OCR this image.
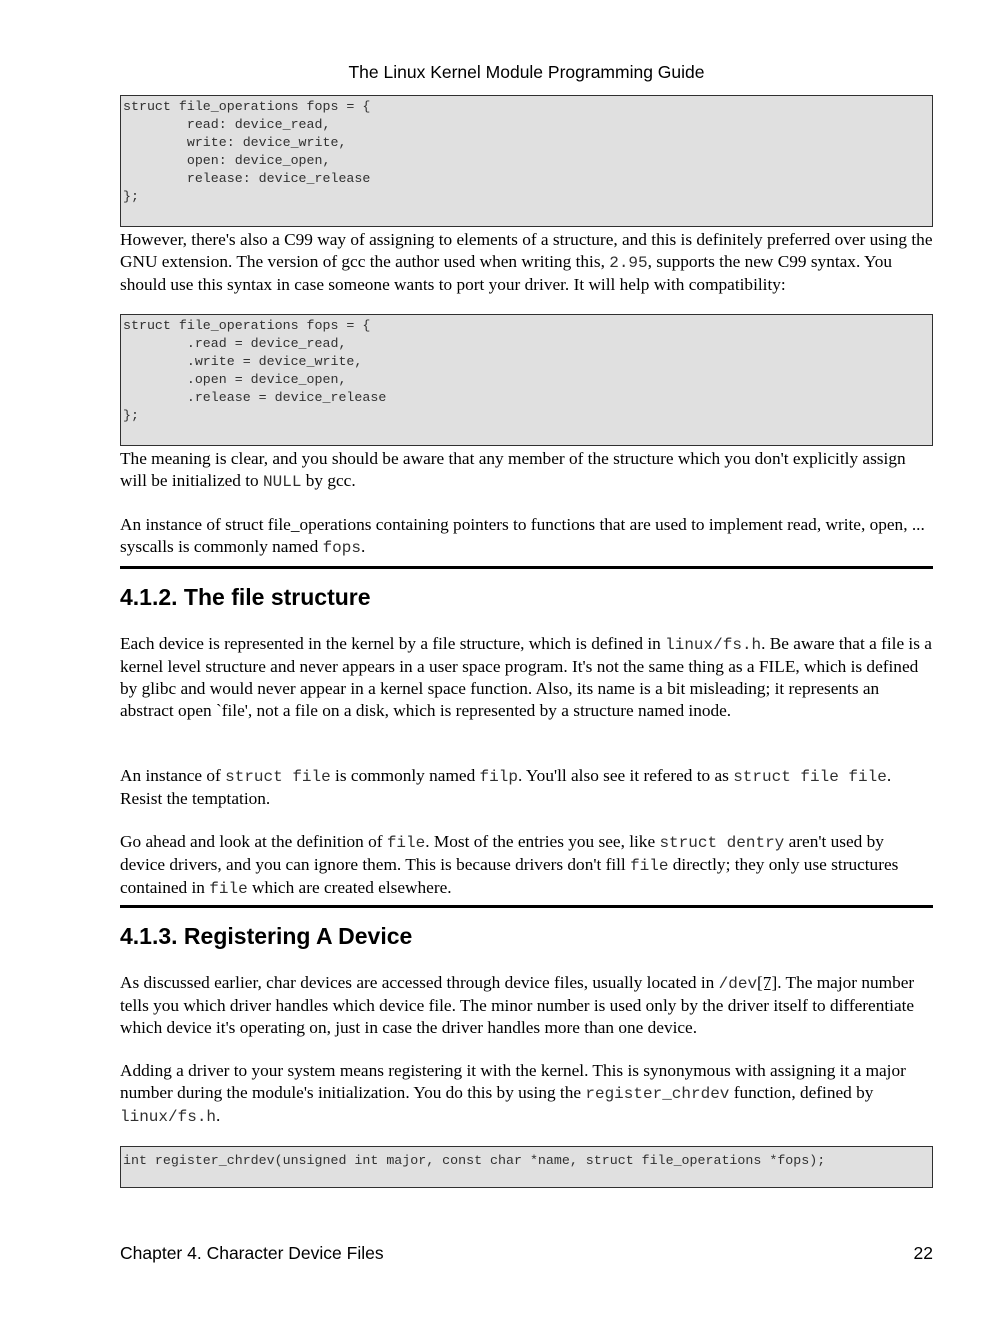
The Linux Kernel Module Programming Guide
struct file_operations fops = {
read: device_read,
write: device_write,
open: device_open,
release: device_release
};
However, there's also a C99 way of assigning to elements of a structure, and this is definitely preferred over using the GNU extension. The version of gcc the author used when writing this, 2.95, supports the new C99 syntax. You should use this syntax in case someone wants to port your driver. It will help with compatibility:
struct file_operations fops = {
.read = device_read,
.write = device_write,
.open = device_open,
.release = device_release
};
The meaning is clear, and you should be aware that any member of the structure which you don't explicitly assign will be initialized to NULL by gcc.
An instance of struct file_operations containing pointers to functions that are used to implement read, write, open, ... syscalls is commonly named fops.
4.1.2. The file structure
Each device is represented in the kernel by a file structure, which is defined in linux/fs.h. Be aware that a file is a kernel level structure and never appears in a user space program. It's not the same thing as a FILE, which is defined by glibc and would never appear in a kernel space function. Also, its name is a bit misleading; it represents an abstract open `file', not a file on a disk, which is represented by a structure named inode.
An instance of struct file is commonly named filp. You'll also see it refered to as struct file file. Resist the temptation.
Go ahead and look at the definition of file. Most of the entries you see, like struct dentry aren't used by device drivers, and you can ignore them. This is because drivers don't fill file directly; they only use structures contained in file which are created elsewhere.
4.1.3. Registering A Device
As discussed earlier, char devices are accessed through device files, usually located in /dev[7]. The major number tells you which driver handles which device file. The minor number is used only by the driver itself to differentiate which device it's operating on, just in case the driver handles more than one device.
Adding a driver to your system means registering it with the kernel. This is synonymous with assigning it a major number during the module's initialization. You do this by using the register_chrdev function, defined by linux/fs.h.
int register_chrdev(unsigned int major, const char *name, struct file_operations *fops);
Chapter 4. Character Device Files	22
